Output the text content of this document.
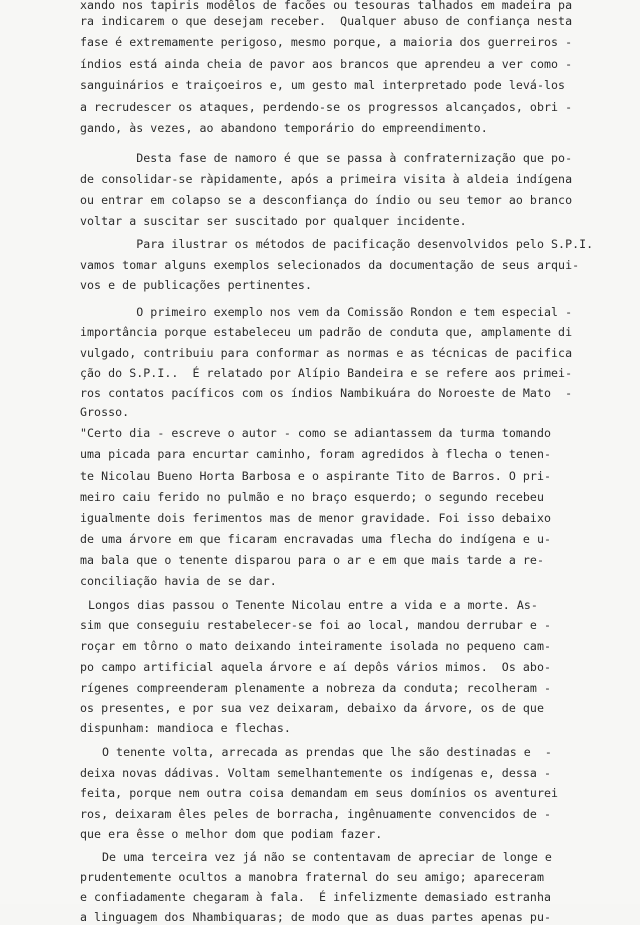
xando nos tapiris modêlos de facões ou tesouras talhados em madeira pa
ra indicarem o que desejam receber.  Qualquer abuso de confiança nesta
fase é extremamente perigoso, mesmo porque, a maioria dos guerreiros -
índios está ainda cheia de pavor aos brancos que aprendeu a ver como -
sanguinários e traiçoeiros e, um gesto mal interpretado pode levá-los
a recrudescer os ataques, perdendo-se os progressos alcançados, obri -
gando, às vezes, ao abandono temporário do empreendimento.
Desta fase de namoro é que se passa à confraternização que po-
de consolidar-se ràpidamente, após a primeira visita à aldeia indígena
ou entrar em colapso se a desconfiança do índio ou seu temor ao branco
voltar a suscitar ser suscitado por qualquer incidente.
Para ilustrar os métodos de pacificação desenvolvidos pelo S.P.I.
vamos tomar alguns exemplos selecionados da documentação de seus arqui-
vos e de publicações pertinentes.
O primeiro exemplo nos vem da Comissão Rondon e tem especial -
importância porque estabeleceu um padrão de conduta que, amplamente di
vulgado, contribuiu para conformar as normas e as técnicas de pacifica
ção do S.P.I..  É relatado por Alípio Bandeira e se refere aos primei-
ros contatos pacíficos com os índios Nambikuára do Noroeste de Mato  -
Grosso.
"Certo dia - escreve o autor - como se adiantassem da turma tomando
uma picada para encurtar caminho, foram agredidos à flecha o tenen-
te Nicolau Bueno Horta Barbosa e o aspirante Tito de Barros. O pri-
meiro caiu ferido no pulmão e no braço esquerdo; o segundo recebeu
igualmente dois ferimentos mas de menor gravidade. Foi isso debaixo
de uma árvore em que ficaram encravadas uma flecha do indígena e u-
ma bala que o tenente disparou para o ar e em que mais tarde a re-
conciliação havia de se dar.
Longos dias passou o Tenente Nicolau entre a vida e a morte. As-
sim que conseguiu restabelecer-se foi ao local, mandou derrubar e -
roçar em tôrno o mato deixando inteiramente isolada no pequeno cam-
po campo artificial aquela árvore e aí depôs vários mimos.  Os abo-
rígenes compreenderam plenamente a nobreza da conduta; recolheram -
os presentes, e por sua vez deixaram, debaixo da árvore, os de que
dispunham: mandioca e flechas.
O tenente volta, arrecada as prendas que lhe são destinadas e  -
deixa novas dádivas. Voltam semelhantemente os indígenas e, dessa -
feita, porque nem outra coisa demandam em seus domínios os aventurei
ros, deixaram êles peles de borracha, ingênuamente convencidos de -
que era êsse o melhor dom que podiam fazer.
De uma terceira vez já não se contentavam de apreciar de longe e
prudentemente ocultos a manobra fraternal do seu amigo; apareceram
e confiadamente chegaram à fala.  É infelizmente demasiado estranha
a linguagem dos Nhambiquaras; de modo que as duas partes apenas pu-
